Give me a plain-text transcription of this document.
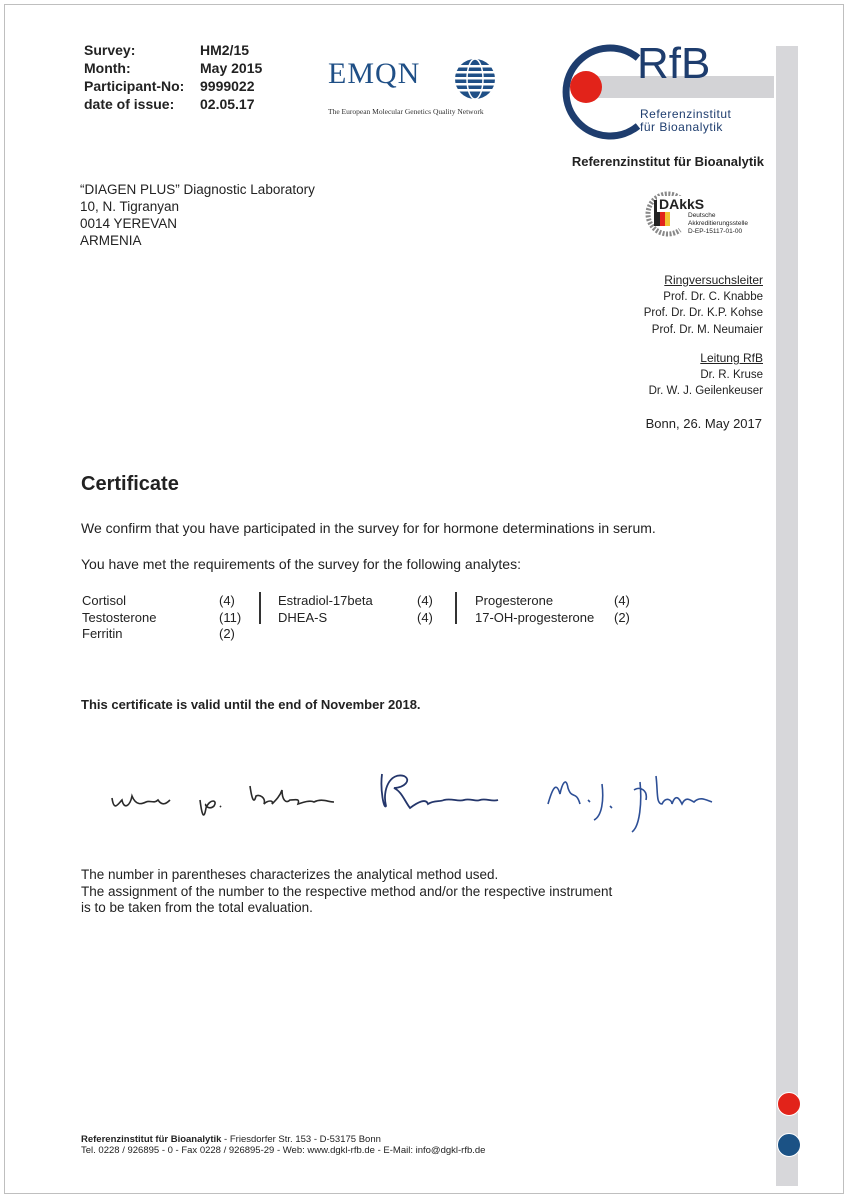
Survey:	HM2/15
Month:	May 2015
Participant-No:	9999022
date of issue:	02.05.17
EMQN
The European Molecular Genetics Quality Network
RfB
Referenzinstitut
für Bioanalytik
Referenzinstitut für Bioanalytik
“DIAGEN PLUS” Diagnostic Laboratory
10, N. Tigranyan
0014 YEREVAN
ARMENIA
DAkkS
Deutsche
Akkreditierungsstelle
D-EP-15117-01-00
Ringversuchsleiter
Prof. Dr. C. Knabbe
Prof. Dr. Dr. K.P. Kohse
Prof. Dr. M. Neumaier
Leitung RfB
Dr. R. Kruse
Dr. W. J. Geilenkeuser
Bonn, 26. May 2017
Certificate
We confirm that you have participated in the survey for for hormone determinations in serum.
You have met the requirements of the survey for the following analytes:
Cortisol	(4)
Testosterone	(11)
Ferritin	(2)
Estradiol-17beta	(4)
DHEA-S	(4)
Progesterone	(4)
17-OH-progesterone	(2)
This certificate is valid until the end of November 2018.
The number in parentheses characterizes the analytical method used.
The assignment of the number to the respective method and/or the respective instrument
is to be taken from the total evaluation.
Referenzinstitut für Bioanalytik - Friesdorfer Str. 153 - D-53175 Bonn
Tel. 0228 / 926895 - 0 - Fax 0228 / 926895-29 - Web: www.dgkl-rfb.de - E-Mail: info@dgkl-rfb.de
